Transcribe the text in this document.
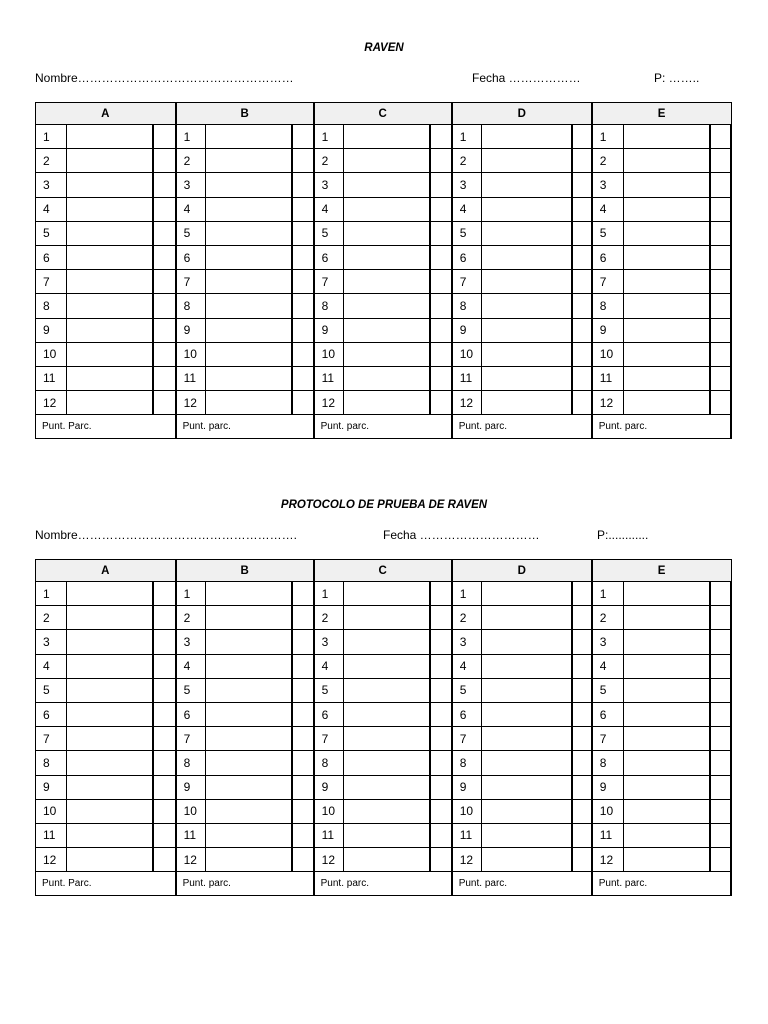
RAVEN
Nombre………………………………………………	Fecha ………………	P: ……..
A			B			C			D			E		
1			1			1			1			1		
2			2			2			2			2		
3			3			3			3			3		
4			4			4			4			4		
5			5			5			5			5		
6			6			6			6			6		
7			7			7			7			7		
8			8			8			8			8		
9			9			9			9			9		
10			10			10			10			10		
11			11			11			11			11		
12			12			12			12			12		
Punt. Parc.			Punt. parc.			Punt. parc.			Punt. parc.			Punt. parc.		
PROTOCOLO DE PRUEBA DE RAVEN
Nombre……………………………………………….	Fecha …………………………	P:............
A			B			C			D			E		
1			1			1			1			1		
2			2			2			2			2		
3			3			3			3			3		
4			4			4			4			4		
5			5			5			5			5		
6			6			6			6			6		
7			7			7			7			7		
8			8			8			8			8		
9			9			9			9			9		
10			10			10			10			10		
11			11			11			11			11		
12			12			12			12			12		
Punt. Parc.			Punt. parc.			Punt. parc.			Punt. parc.			Punt. parc.		
